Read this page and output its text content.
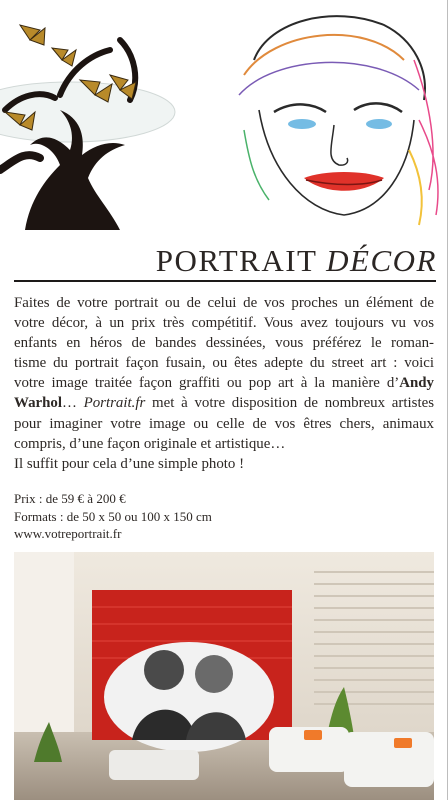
PORTRAIT DÉCOR
Faites de votre portrait ou de celui de vos proches un élément de
votre décor, à un prix très compétitif. Vous avez toujours vu vos
enfants en héros de bandes dessinées, vous préférez le roman-
tisme du portrait façon fusain, ou êtes adepte du street art : voici
votre image traitée façon graffiti ou pop art à la manière d’Andy
Warhol… Portrait.fr met à votre disposition de nombreux artistes
pour imaginer votre image ou celle de vos êtres chers, animaux
compris, d’une façon originale et artistique…
Il suffit pour cela d’une simple photo !
Prix : de 59 € à 200 €
Formats : de 50 x 50 ou 100 x 150 cm
www.votreportrait.fr
